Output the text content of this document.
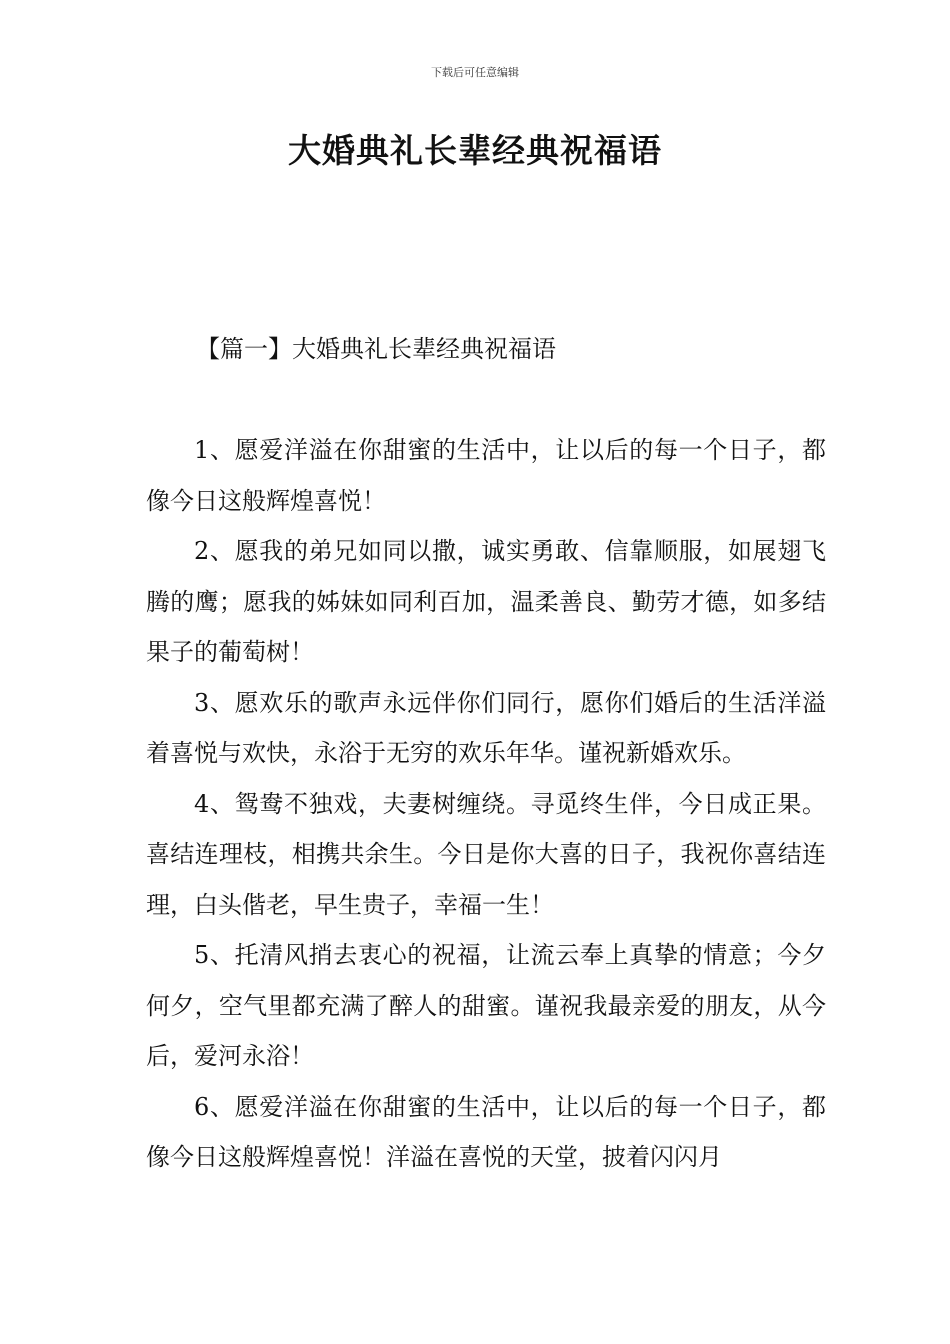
下载后可任意编辑
大婚典礼长辈经典祝福语
【篇一】大婚典礼长辈经典祝福语

1、愿爱洋溢在你甜蜜的生活中，让以后的每一个日子，都像今日这般辉煌喜悦！

2、愿我的弟兄如同以撒，诚实勇敢、信靠顺服，如展翅飞腾的鹰；愿我的姊妹如同利百加，温柔善良、勤劳才德，如多结果子的葡萄树！

3、愿欢乐的歌声永远伴你们同行，愿你们婚后的生活洋溢着喜悦与欢快，永浴于无穷的欢乐年华。谨祝新婚欢乐。

4、鸳鸯不独戏，夫妻树缠绕。寻觅终生伴，今日成正果。喜结连理枝，相携共余生。今日是你大喜的日子，我祝你喜结连理，白头偕老，早生贵子，幸福一生！

5、托清风捎去衷心的祝福，让流云奉上真挚的情意；今夕何夕，空气里都充满了醉人的甜蜜。谨祝我最亲爱的朋友，从今后，爱河永浴！

6、愿爱洋溢在你甜蜜的生活中，让以后的每一个日子，都像今日这般辉煌喜悦！洋溢在喜悦的天堂，披着闪闪月
